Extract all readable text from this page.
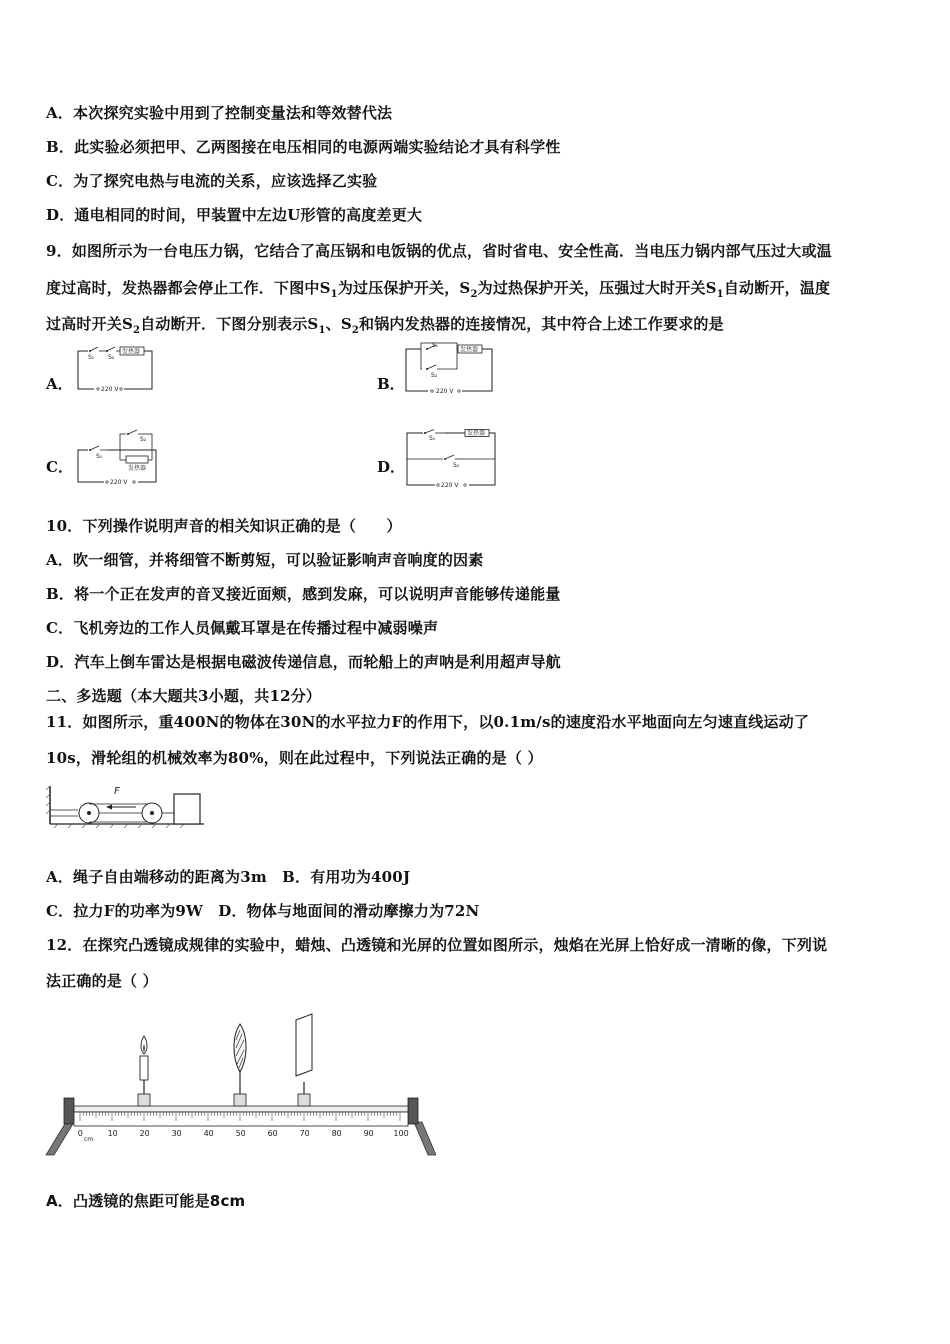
A．本次探究实验中用到了控制变量法和等效替代法
B．此实验必须把甲、乙两图接在电压相同的电源两端实验结论才具有科学性
C．为了探究电热与电流的关系，应该选择乙实验
D．通电相同的时间，甲装置中左边U形管的高度差更大
9．如图所示为一台电压力锅，它结合了高压锅和电饭锅的优点，省时省电、安全性高．当电压力锅内部气压过大或温
度过高时，发热器都会停止工作．下图中$S_1$为过压保护开关，$S_2$为过热保护开关，压强过大时开关$S_1$自动断开，温度
过高时开关$S_2$自动断开．下图分别表示$S_1$、$S_2$和锅内发热器的连接情况，其中符合上述工作要求的是
A．	B．
C．	D．
S₁ S₂
发热器
220 V
S₁
S₂
发热器
220 V
S₂
S₁
发热器
220 V
S₁
发热器
S₂
220 V
10．下列操作说明声音的相关知识正确的是（　　）
A．吹一细管，并将细管不断剪短，可以验证影响声音响度的因素
B．将一个正在发声的音叉接近面颊，感到发麻，可以说明声音能够传递能量
C．飞机旁边的工作人员佩戴耳罩是在传播过程中减弱噪声
D．汽车上倒车雷达是根据电磁波传递信息，而轮船上的声呐是利用超声导航
二、多选题（本大题共3小题，共12分）
11．如图所示，重400N的物体在30N的水平拉力F的作用下，以0.1m/s的速度沿水平地面向左匀速直线运动了
10s，滑轮组的机械效率为80%，则在此过程中，下列说法正确的是（ ）
F
A．绳子自由端移动的距离为3m　B．有用功为400J
C．拉力F的功率为9W　D．物体与地面间的滑动摩擦力为72N
12．在探究凸透镜成规律的实验中，蜡烛、凸透镜和光屏的位置如图所示，烛焰在光屏上恰好成一清晰的像，下列说
法正确的是（ ）
cm
0	10	20	30	40	50	60	70	80	90 100
A．凸透镜的焦距可能是8cm
